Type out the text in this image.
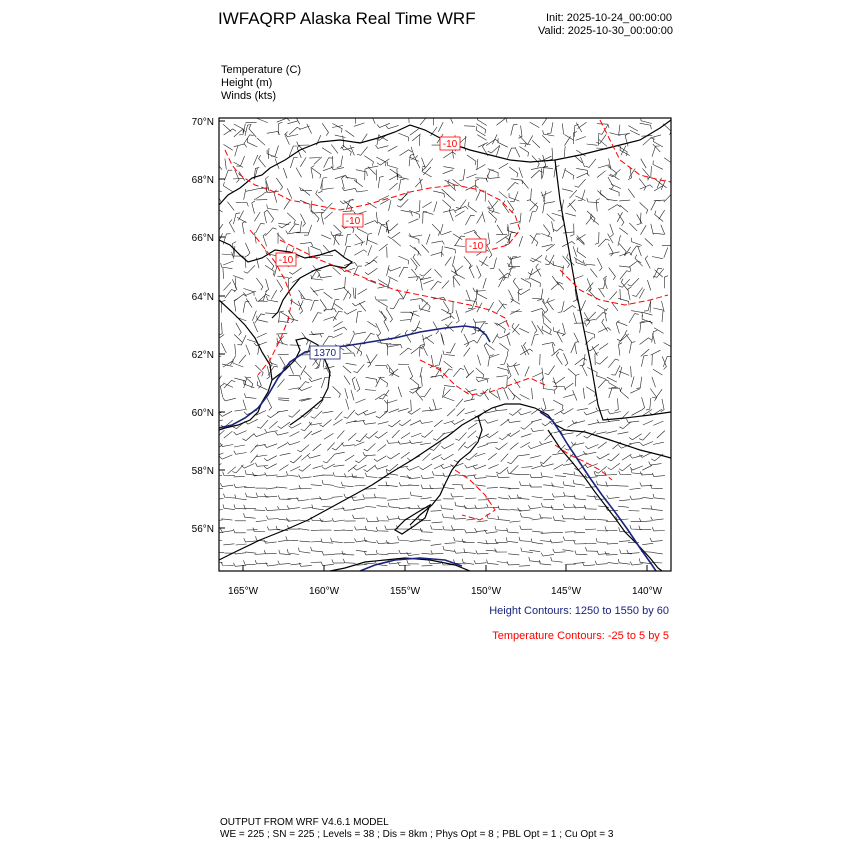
IWFAQRP Alaska Real Time WRF	Init: 2025-10-24_00:00:00
Valid: 2025-10-30_00:00:00
Temperature (C)
Height (m)
Winds (kts)
1370
-10
-10
-10
-10
70°N
68°N
66°N
64°N
62°N
60°N
58°N
56°N
165°W	160°W	155°W	150°W	145°W	140°W
Height Contours: 1250 to 1550 by 60
Temperature Contours: -25 to 5 by 5
OUTPUT FROM WRF V4.6.1 MODEL
WE = 225 ; SN = 225 ; Levels = 38 ; Dis = 8km ; Phys Opt = 8 ; PBL Opt = 1 ; Cu Opt = 3
